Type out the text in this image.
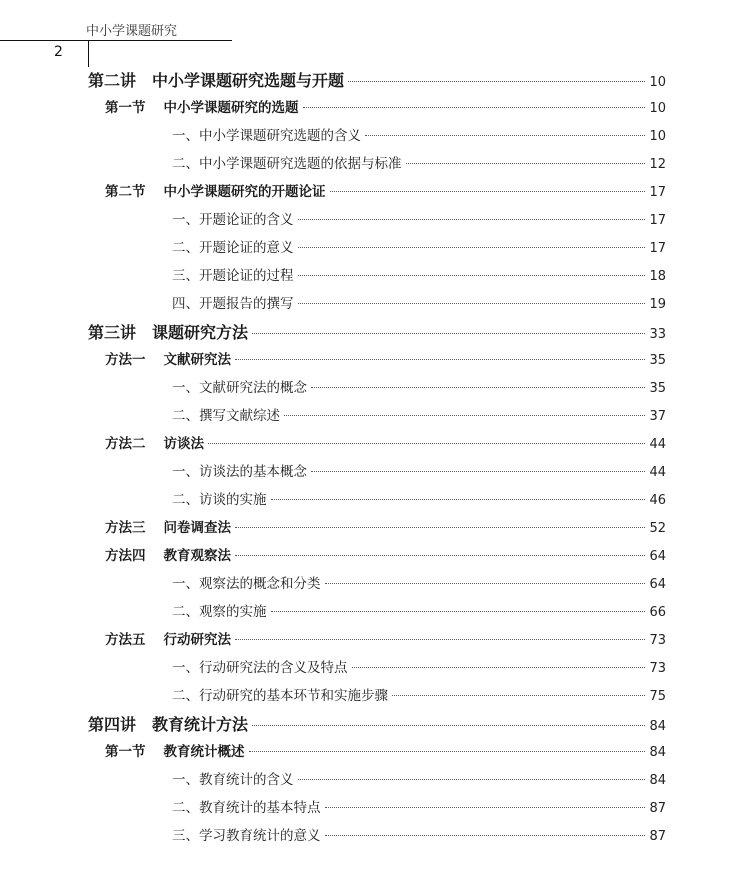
中小学课题研究
2
第二讲 中小学课题研究选题与开题	10
第一节 中小学课题研究的选题	10
一、中小学课题研究选题的含义	10
二、中小学课题研究选题的依据与标准	12
第二节 中小学课题研究的开题论证	17
一、开题论证的含义	17
二、开题论证的意义	17
三、开题论证的过程	18
四、开题报告的撰写	19
第三讲 课题研究方法	33
方法一 文献研究法	35
一、文献研究法的概念	35
二、撰写文献综述	37
方法二 访谈法	44
一、访谈法的基本概念	44
二、访谈的实施	46
方法三 问卷调查法	52
方法四 教育观察法	64
一、观察法的概念和分类	64
二、观察的实施	66
方法五 行动研究法	73
一、行动研究法的含义及特点	73
二、行动研究的基本环节和实施步骤	75
第四讲 教育统计方法	84
第一节 教育统计概述	84
一、教育统计的含义	84
二、教育统计的基本特点	87
三、学习教育统计的意义	87
